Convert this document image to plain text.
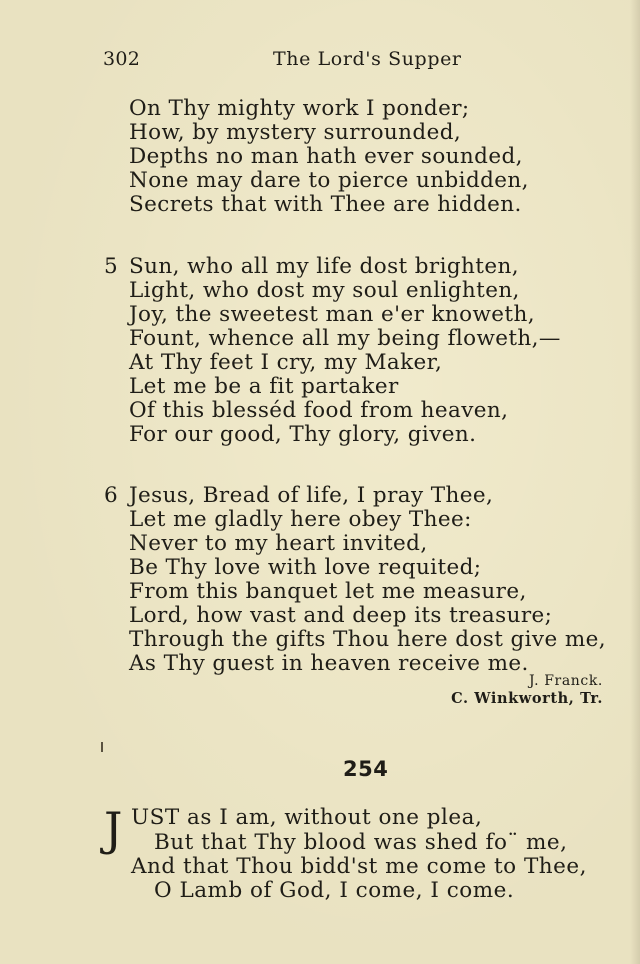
302	The Lord's Supper
On Thy mighty work I ponder;
How, by mystery surrounded,
Depths no man hath ever sounded,
None may dare to pierce unbidden,
Secrets that with Thee are hidden.
5 Sun, who all my life dost brighten,
Light, who dost my soul enlighten,
Joy, the sweetest man e'er knoweth,
Fount, whence all my being floweth,—
At Thy feet I cry, my Maker,
Let me be a fit partaker
Of this blesséd food from heaven,
For our good, Thy glory, given.
6 Jesus, Bread of life, I pray Thee,
Let me gladly here obey Thee:
Never to my heart invited,
Be Thy love with love requited;
From this banquet let me measure,
Lord, how vast and deep its treasure;
Through the gifts Thou here dost give me,
As Thy guest in heaven receive me.
J. Franck.
C. Winkworth, Tr.
254
J UST as I am, without one plea,
But that Thy blood was shed fo¨ me,
And that Thou bidd'st me come to Thee,
O Lamb of God, I come, I come.
